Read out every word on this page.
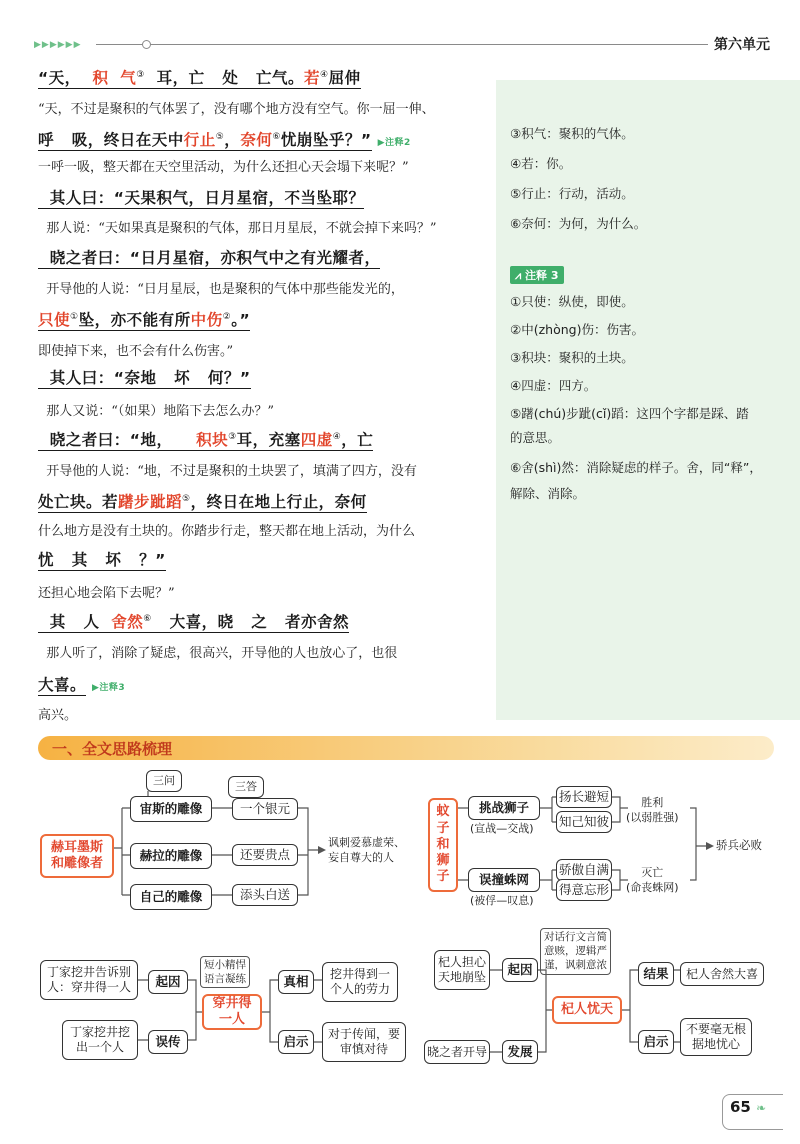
▶▶▶▶▶▶	第六单元
“天，  积  气③  耳，亡   处   亡气。若④屈伸
呼   吸，终日在天中行止⑤，奈何⑥忧崩坠乎？” ▶注释2
其人曰：“天果积气，日月星宿，不当坠耶？
晓之者曰：“日月星宿，亦积气中之有光耀者，
只使①坠，亦不能有所中伤②。”
其人曰：“奈地   坏   何？”
晓之者曰：“地，    积块③耳，充塞四虚④，亡
处亡块。若躇步跐蹈⑤，终日在地上行止，奈何
忧   其   坏   ？”
其   人  舍然⑥   大喜，晓   之   者亦舍然
大喜。 ▶注释3
“天，不过是聚积的气体罢了，没有哪个地方没有空气。你一屈一伸、
一呼一吸，整天都在天空里活动，为什么还担心天会塌下来呢？”
那人说：“天如果真是聚积的气体，那日月星辰，不就会掉下来吗？”
开导他的人说：“日月星辰，也是聚积的气体中那些能发光的，
即使掉下来，也不会有什么伤害。”
那人又说：“（如果）地陷下去怎么办？”
开导他的人说：“地，不过是聚积的土块罢了，填满了四方，没有
什么地方是没有土块的。你踏步行走，整天都在地上活动，为什么
还担心地会陷下去呢？”
那人听了，消除了疑虑，很高兴，开导他的人也放心了，也很
高兴。
③积气：聚积的气体。
④若：你。
⑤行止：行动，活动。
⑥奈何：为何，为什么。
⩘ 注释 3
①只使：纵使，即使。
②中(zhòng)伤：伤害。
③积块：聚积的土块。
④四虚：四方。
⑤躇(chú)步跐(cǐ)蹈：这四个字都是踩、踏
的意思。
⑥舍(shì)然：消除疑虑的样子。舍，同“释”，
解除、消除。
一、全文思路梳理
赫耳墨斯
和雕像者
三问	三答
宙斯的雕像
赫拉的雕像
自己的雕像
一个银元
还要贵点
添头白送
讽刺爱慕虚荣、
妄自尊大的人
蚊
子
和
狮
子
挑战狮子
(宣战—交战)
误撞蛛网
(被俘—叹息)
扬长避短
知己知彼
骄傲自满
得意忘形
胜利
(以弱胜强)
灭亡
(命丧蛛网)
骄兵必败
丁家挖井告诉别
人：穿井得一人
丁家挖井挖
出一个人
起因
误传
短小精悍
语言凝练
穿井得
一人
真相
启示
挖井得到一
个人的劳力
对于传闻，要
审慎对待
杞人担心
天地崩坠
晓之者开导
起因
发展
对话行文言简
意赅，逻辑严
谨，讽刺意浓
杞人忧天
结果
启示
杞人舍然大喜
不要毫无根
据地忧心
65 ❧
